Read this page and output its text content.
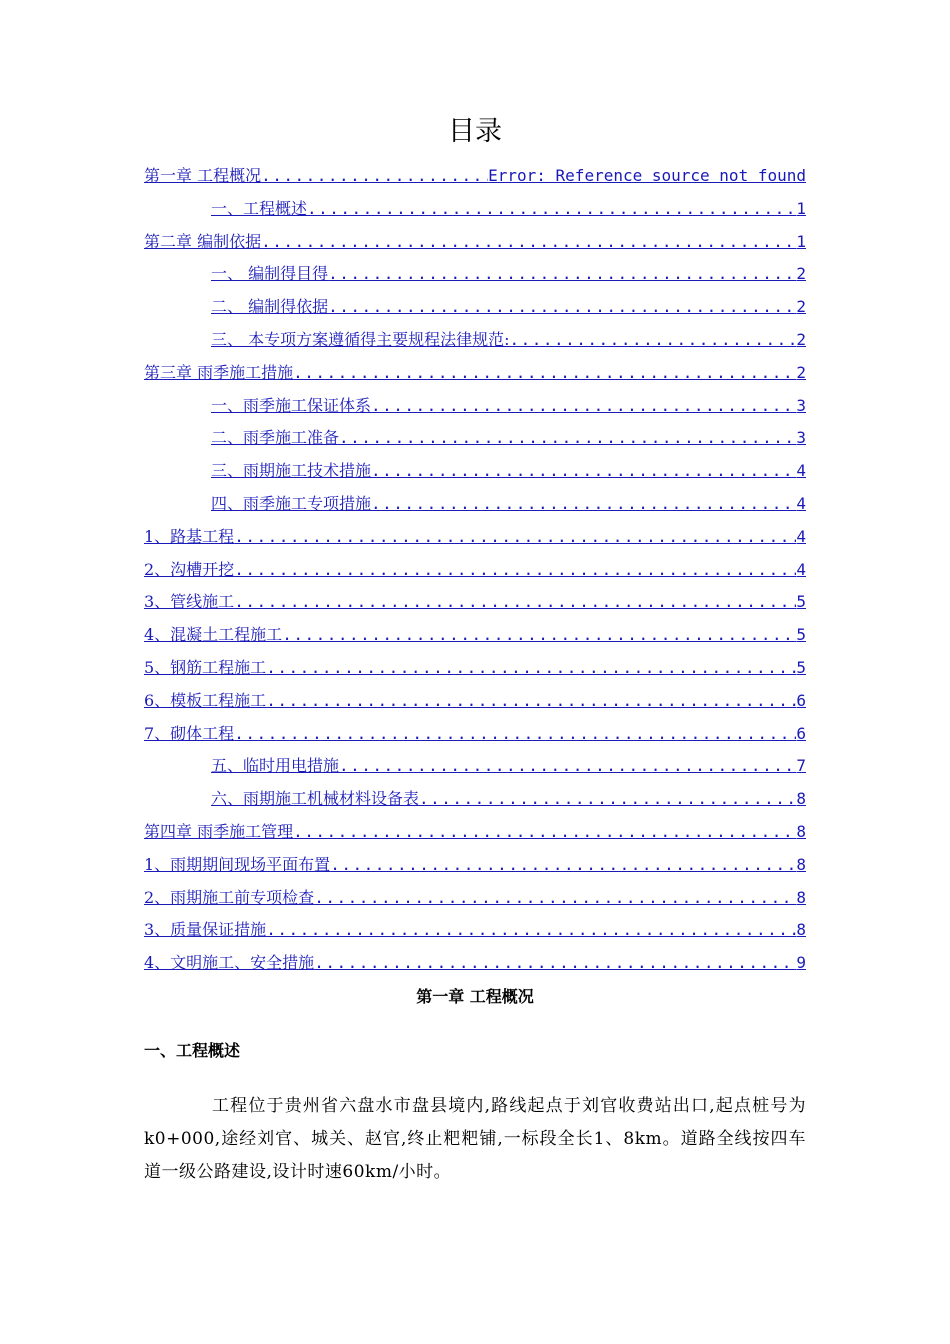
目录
第一章 工程概况 .....	Error: Reference source not found
一、工程概述 .....	1
第二章 编制依据 .....	1
一、 编制得目得 .....	2
二、 编制得依据 .....	2
三、 本专项方案遵循得主要规程法律规范: .....	2
第三章 雨季施工措施 .....	2
一、雨季施工保证体系 .....	3
二、雨季施工准备 .....	3
三、雨期施工技术措施 .....	4
四、雨季施工专项措施 .....	4
1、路基工程 .....	4
2、沟槽开挖 .....	4
3、管线施工 .....	5
4、混凝土工程施工 .....	5
5、钢筋工程施工 .....	5
6、模板工程施工 .....	6
7、砌体工程 .....	6
五、临时用电措施 .....	7
六、雨期施工机械材料设备表 .....	8
第四章 雨季施工管理 .....	8
1、雨期期间现场平面布置 .....	8
2、雨期施工前专项检查 .....	8
3、质量保证措施 .....	8
4、文明施工、安全措施 .....	9
第一章 工程概况
一、工程概述
工程位于贵州省六盘水市盘县境内,路线起点于刘官收费站出口,起点桩号为k0+000,途经刘官、城关、赵官,终止粑粑铺,一标段全长1、8km。道路全线按四车道一级公路建设,设计时速60km/小时。
